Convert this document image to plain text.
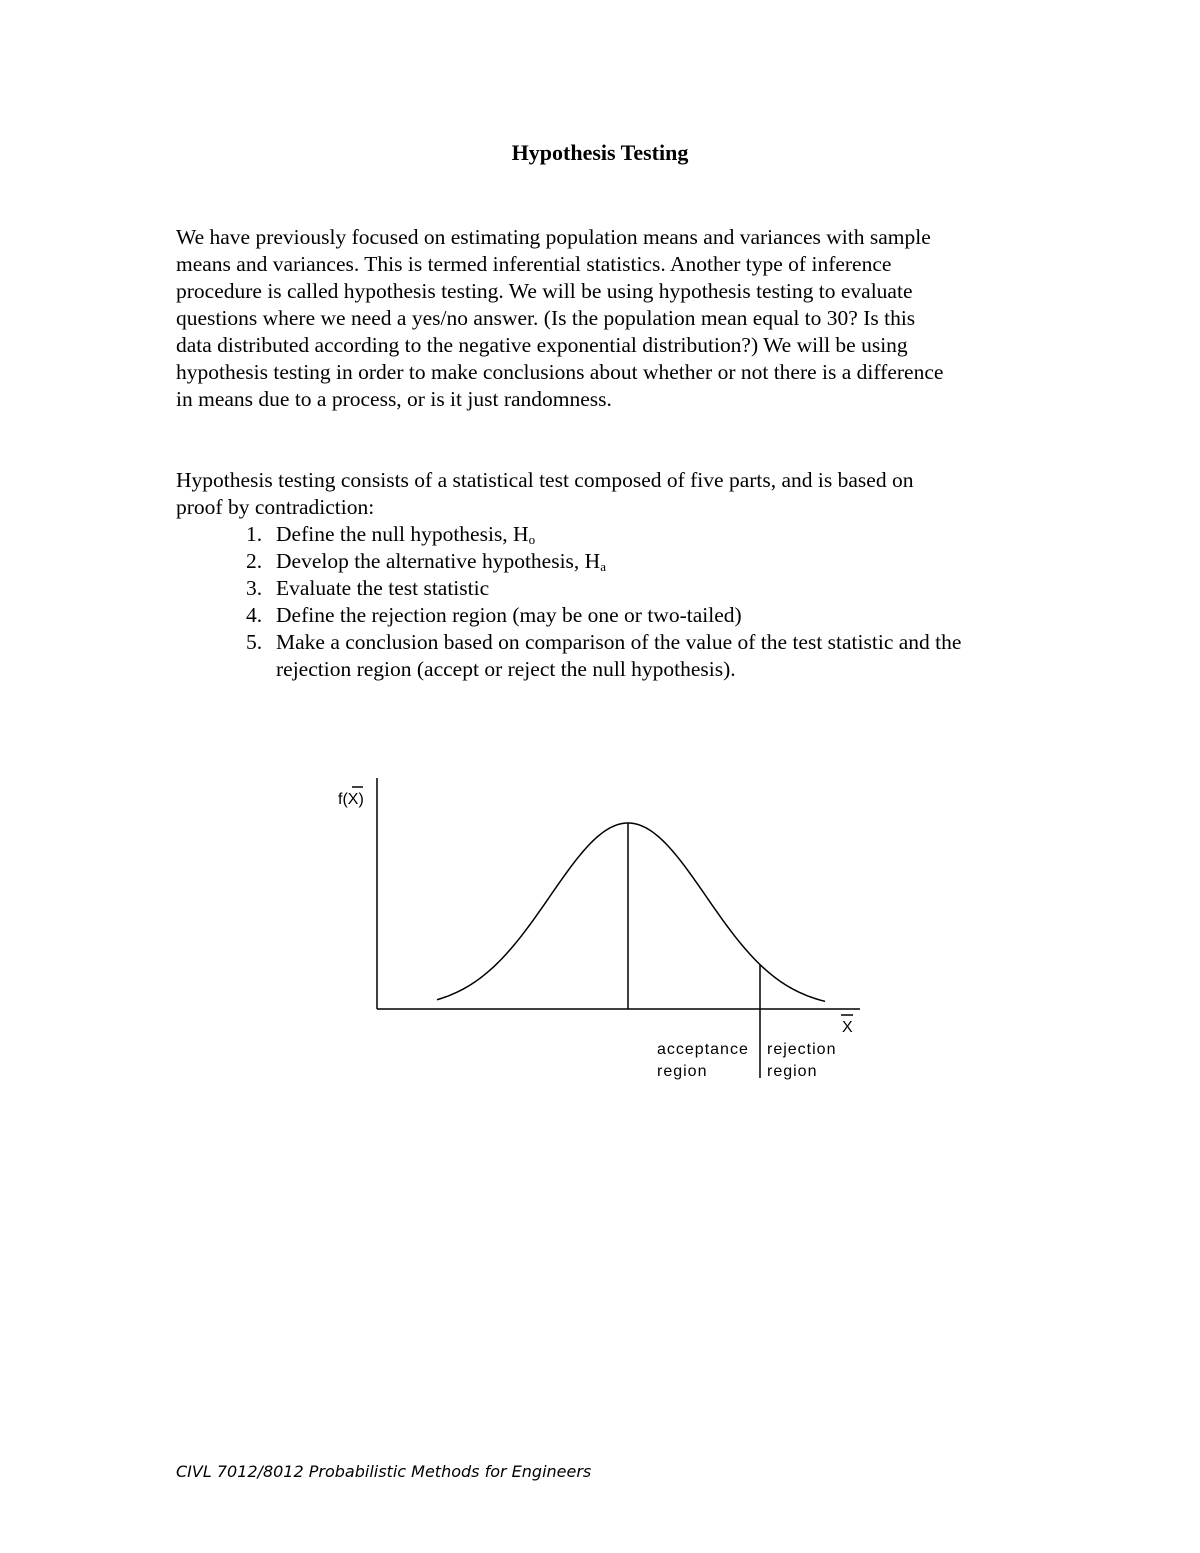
Hypothesis Testing

We have previously focused on estimating population means and variances with sample
means and variances. This is termed inferential statistics. Another type of inference
procedure is called hypothesis testing. We will be using hypothesis testing to evaluate
questions where we need a yes/no answer. (Is the population mean equal to 30? Is this
data distributed according to the negative exponential distribution?) We will be using
hypothesis testing in order to make conclusions about whether or not there is a difference
in means due to a process, or is it just randomness.

Hypothesis testing consists of a statistical test composed of five parts, and is based on
proof by contradiction:

1. Define the null hypothesis, $H_o$
2. Develop the alternative hypothesis, $H_a$
3. Evaluate the test statistic
4. Define the rejection region (may be one or two-tailed)
5. Make a conclusion based on comparison of the value of the test statistic and the rejection region (accept or reject the null hypothesis).
f(X)
X
acceptance
region
rejection
region

CIVL 7012/8012 Probabilistic Methods for Engineers
